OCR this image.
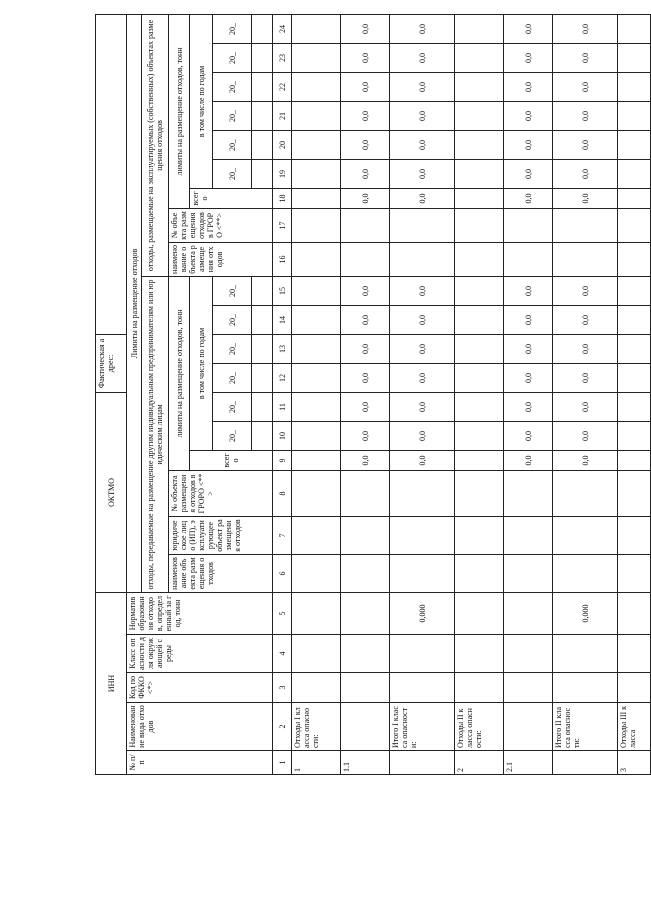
ИНН					ОКТМО						Фактическая адрес:												
№ п/п	Наименование вида отходов	Код по ФККО <*>	Класс опасности для окружающей среды	Норматив образования отходов, определенный за год, тонн	Лимиты на размещение отходов																		
					отходы, передаваемые на размещение другим индивидуальным предпринимателям или юридическим лицам										отходы, размещаемые на эксплуатируемых (собственных) объектах размещения отходов								
					наименование объекта размещения отходов	юридическое лицо (ИП), эксплуатирующее объект размещения отходов	№ объекта размещения отходов в ГРОРО <**>	лимиты на размещение отходов, тонн							наименование объекта размещения отходов	№ объекта размещения отходов в ГРОРО <**>	лимиты на размещение отходов, тонн						
								всего	в том числе по годам								всего	в том числе по годам					
									20_	20_	20_	20_	20_	20_				20_	20_	20_	20_	20_	20_

1	2	3	4	5	6	7	8	9	10	11	12	13	14	15	16	17	18	19	20	21	22	23	24
1	Отходы I класса опасности:																						
1.1								0,0	0,0	0,0	0,0	0,0	0,0	0,0			0,0	0,0	0,0	0,0	0,0	0,0	0,0
	Итого I класса опасности:			0,000				0,0	0,0	0,0	0,0	0,0	0,0	0,0			0,0	0,0	0,0	0,0	0,0	0,0	0,0
2	Отходы II класса опасности:																						
2.1								0,0	0,0	0,0	0,0	0,0	0,0	0,0			0,0	0,0	0,0	0,0	0,0	0,0	0,0
	Итого II класса опасности:			0,000				0,0	0,0	0,0	0,0	0,0	0,0	0,0			0,0	0,0	0,0	0,0	0,0	0,0	0,0
3	Отходы III класса																						
